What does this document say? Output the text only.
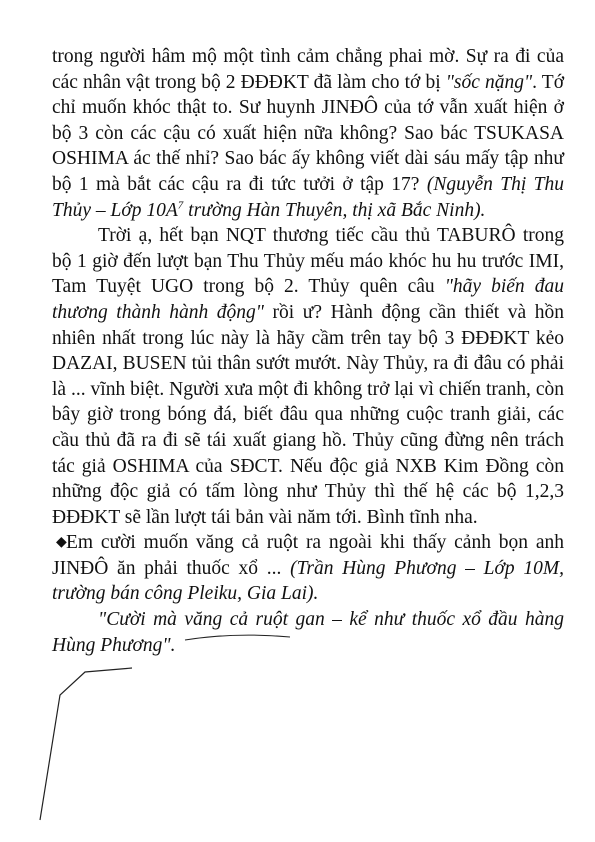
trong người hâm mộ một tình cảm chẳng phai mờ. Sự ra đi của các nhân vật trong bộ 2 ĐĐĐKT đã làm cho tớ bị "sốc nặng". Tớ chỉ muốn khóc thật to. Sư huynh JINĐÔ của tớ vẫn xuất hiện ở bộ 3 còn các cậu có xuất hiện nữa không? Sao bác TSUKASA OSHIMA ác thế nhỉ? Sao bác ấy không viết dài sáu mấy tập như bộ 1 mà bắt các cậu ra đi tức tưởi ở tập 17? (Nguyễn Thị Thu Thủy – Lớp $10A^7$ trường Hàn Thuyên, thị xã Bắc Ninh).

Trời ạ, hết bạn NQT thương tiếc cầu thủ TABURÔ trong bộ 1 giờ đến lượt bạn Thu Thủy mếu máo khóc hu hu trước IMI, Tam Tuyệt UGO trong bộ 2. Thủy quên câu "hãy biến đau thương thành hành động" rồi ư? Hành động cần thiết và hồn nhiên nhất trong lúc này là hãy cầm trên tay bộ 3 ĐĐĐKT kẻo DAZAI, BUSEN tủi thân sướt mướt. Này Thủy, ra đi đâu có phải là ... vĩnh biệt. Người xưa một đi không trở lại vì chiến tranh, còn bây giờ trong bóng đá, biết đâu qua những cuộc tranh giải, các cầu thủ đã ra đi sẽ tái xuất giang hồ. Thủy cũng đừng nên trách tác giả OSHIMA của SĐCT. Nếu độc giả NXB Kim Đồng còn những độc giả có tấm lòng như Thủy thì thế hệ các bộ 1,2,3 ĐĐĐKT sẽ lần lượt tái bản vài năm tới. Bình tĩnh nha.

◆ Em cười muốn văng cả ruột ra ngoài khi thấy cảnh bọn anh JINĐÔ ăn phải thuốc xổ ... (Trần Hùng Phương – Lớp 10M, trường bán công Pleiku, Gia Lai).

"Cười mà văng cả ruột gan – kể như thuốc xổ đầu hàng Hùng Phương".
